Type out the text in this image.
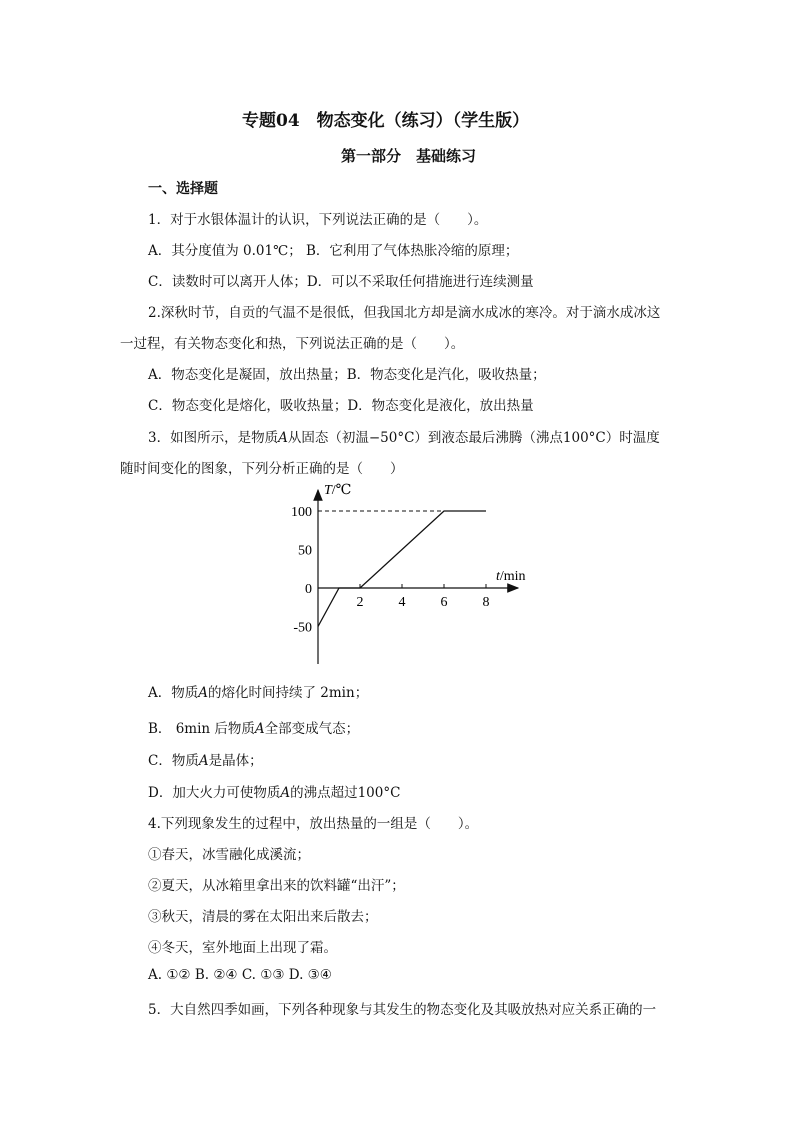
专题04　物态变化（练习）（学生版）
第一部分　基础练习
一、选择题
1．对于水银体温计的认识，下列说法正确的是（　　）。
A．其分度值为 0.01℃； B．它利用了气体热胀冷缩的原理；
C．读数时可以离开人体；D．可以不采取任何措施进行连续测量
2.深秋时节，自贡的气温不是很低，但我国北方却是滴水成冰的寒冷。对于滴水成冰这
一过程，有关物态变化和热，下列说法正确的是（　　）。
A．物态变化是凝固，放出热量；B．物态变化是汽化，吸收热量；
C．物态变化是熔化，吸收热量；D．物态变化是液化，放出热量
3．如图所示，是物质A从固态（初温−50°C）到液态最后沸腾（沸点100°C）时温度
随时间变化的图象，下列分析正确的是（　　）
2	4	6	8
100
50
0
-50
T/℃
t/min
A．物质A的熔化时间持续了 2min；
B． 6min 后物质A全部变成气态；
C．物质A是晶体；
D．加大火力可使物质A的沸点超过100°C
4.下列现象发生的过程中，放出热量的一组是（　　）。
①春天，冰雪融化成溪流；
②夏天，从冰箱里拿出来的饮料罐“出汗”；
③秋天，清晨的雾在太阳出来后散去；
④冬天，室外地面上出现了霜。
A. ①② B. ②④ C. ①③ D. ③④
5．大自然四季如画，下列各种现象与其发生的物态变化及其吸放热对应关系正确的一
